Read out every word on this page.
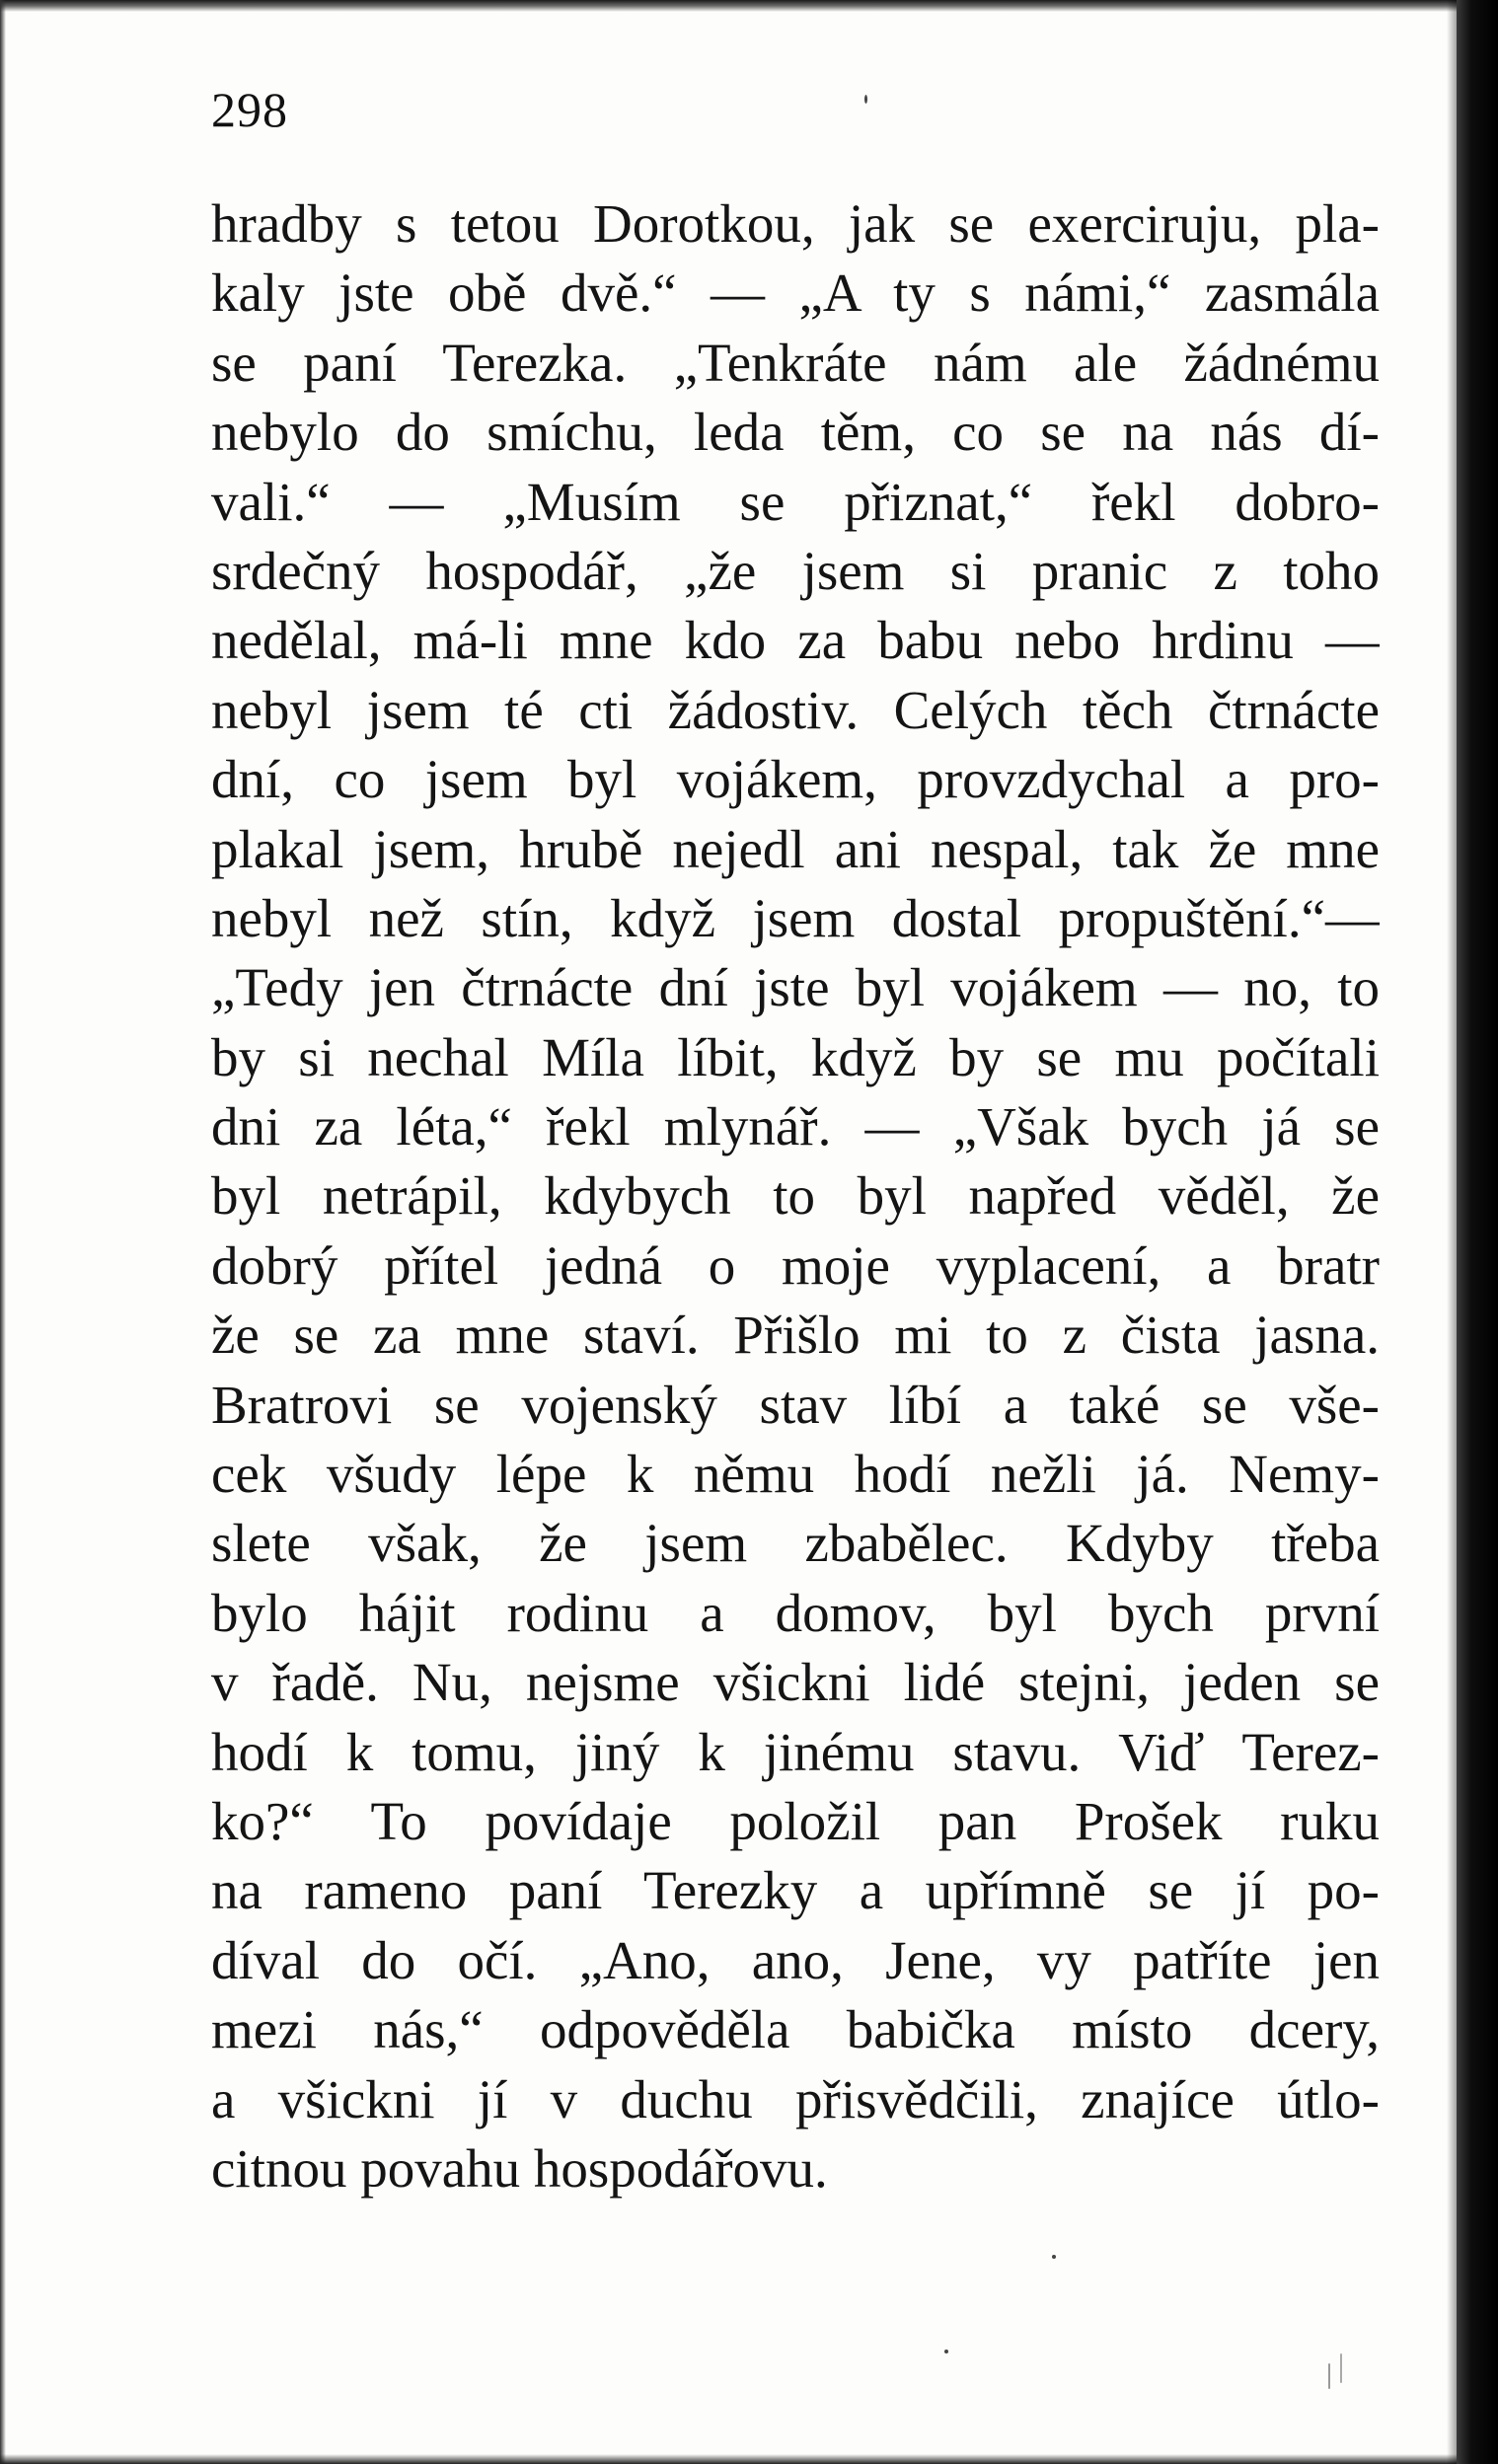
298
hradby s tetou Dorotkou, jak se exerciruju, pla-
kaly jste obě dvě.“ — „A ty s námi,“ zasmála
se paní Terezka. „Tenkráte nám ale žádnému
nebylo do smíchu, leda těm, co se na nás dí-
vali.“ — „Musím se přiznat,“ řekl dobro-
srdečný hospodář, „že jsem si pranic z toho
nedělal, má-li mne kdo za babu nebo hrdinu —
nebyl jsem té cti žádostiv. Celých těch čtrnácte
dní, co jsem byl vojákem, provzdychal a pro-
plakal jsem, hrubě nejedl ani nespal, tak že mne
nebyl než stín, když jsem dostal propuštění.“—
„Tedy jen čtrnácte dní jste byl vojákem — no, to
by si nechal Míla líbit, když by se mu počítali
dni za léta,“ řekl mlynář. — „Však bych já se
byl netrápil, kdybych to byl napřed věděl, že
dobrý přítel jedná o moje vyplacení, a bratr
že se za mne staví. Přišlo mi to z čista jasna.
Bratrovi se vojenský stav líbí a také se vše-
cek všudy lépe k němu hodí nežli já. Nemy-
slete však, že jsem zbabělec. Kdyby třeba
bylo hájit rodinu a domov, byl bych první
v řadě. Nu, nejsme všickni lidé stejni, jeden se
hodí k tomu, jiný k jinému stavu. Viď Terez-
ko?“ To povídaje položil pan Prošek ruku
na rameno paní Terezky a upřímně se jí po-
díval do očí. „Ano, ano, Jene, vy patříte jen
mezi nás,“ odpověděla babička místo dcery,
a všickni jí v duchu přisvědčili, znajíce útlo-
citnou povahu hospodářovu.
